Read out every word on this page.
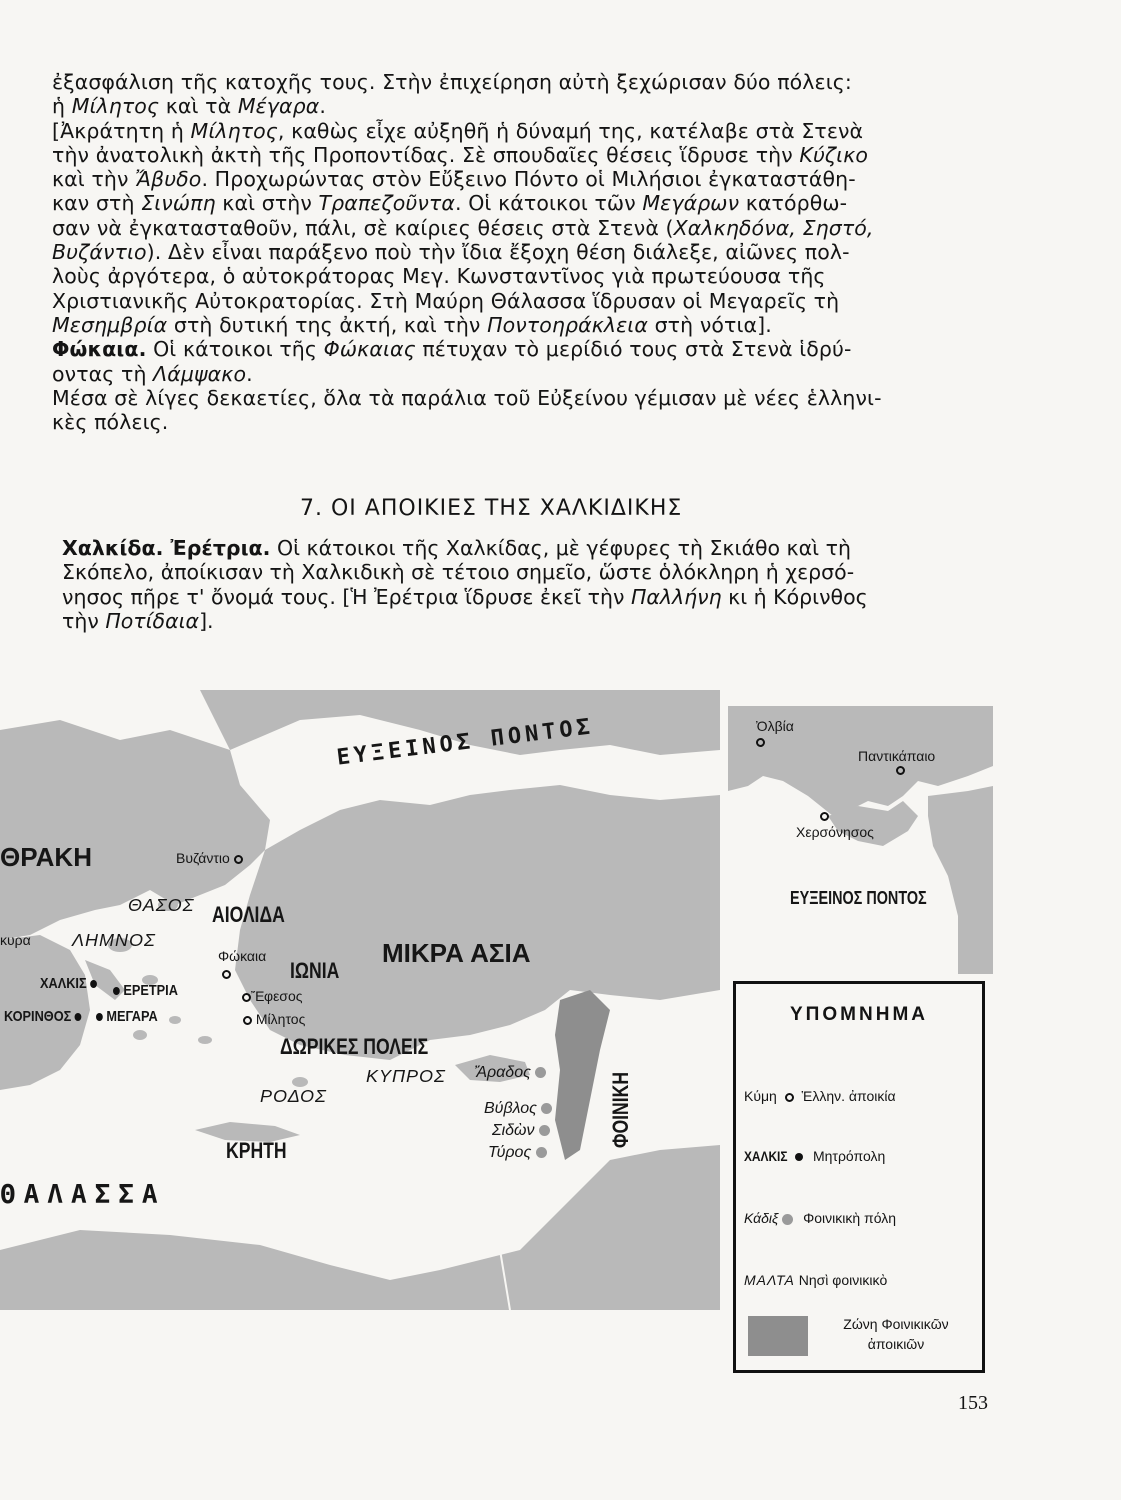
ἐξασφάλιση τῆς κατοχῆς τους. Στὴν ἐπιχείρηση αὐτὴ ξεχώρισαν δύο πόλεις:

ἡ Μίλητος καὶ τὰ Μέγαρα.

[Ἀκράτητη ἡ Μίλητος, καθὼς εἶχε αὐξηθῆ ἡ δύναμή της, κατέλαβε στὰ Στενὰ

τὴν ἀνατολικὴ ἀκτὴ τῆς Προποντίδας. Σὲ σπουδαῖες θέσεις ἵδρυσε τὴν Κύζικο

καὶ τὴν Ἄβυδο. Προχωρώντας στὸν Εὔξεινο Πόντο οἱ Μιλήσιοι ἐγκαταστάθη-

καν στὴ Σινώπη καὶ στὴν Τραπεζοῦντα. Οἱ κάτοικοι τῶν Μεγάρων κατόρθω-

σαν νὰ ἐγκατασταθοῦν, πάλι, σὲ καίριες θέσεις στὰ Στενὰ (Χαλκηδόνα, Σηστό,

Βυζάντιο). Δὲν εἶναι παράξενο ποὺ τὴν ἴδια ἔξοχη θέση διάλεξε, αἰῶνες πολ-

λοὺς ἀργότερα, ὁ αὐτοκράτορας Μεγ. Κωνσταντῖνος γιὰ πρωτεύουσα τῆς

Χριστιανικῆς Αὐτοκρατορίας. Στὴ Μαύρη Θάλασσα ἵδρυσαν οἱ Μεγαρεῖς τὴ

Μεσημβρία στὴ δυτική της ἀκτή, καὶ τὴν Ποντοηράκλεια στὴ νότια].

Φώκαια. Οἱ κάτοικοι τῆς Φώκαιας πέτυχαν τὸ μερίδιό τους στὰ Στενὰ ἱδρύ-

οντας τὴ Λάμψακο.

Μέσα σὲ λίγες δεκαετίες, ὅλα τὰ παράλια τοῦ Εὐξείνου γέμισαν μὲ νέες ἑλληνι-

κὲς πόλεις.

7. ΟΙ ΑΠΟΙΚΙΕΣ ΤΗΣ ΧΑΛΚΙΔΙΚΗΣ

Χαλκίδα. Ἐρέτρια. Οἱ κάτοικοι τῆς Χαλκίδας, μὲ γέφυρες τὴ Σκιάθο καὶ τὴ

Σκόπελο, ἀποίκισαν τὴ Χαλκιδικὴ σὲ τέτοιο σημεῖο, ὥστε ὁλόκληρη ἡ χερσό-

νησος πῆρε τ' ὄνομά τους. [Ἡ Ἐρέτρια ἵδρυσε ἐκεῖ τὴν Παλλήνη κι ἡ Κόρινθος

τὴν Ποτίδαια].

ΕΥΞΕΙΝΟΣ ΠΟΝΤΟΣ
ΘΡΑΚΗ	Βυζάντιο
ΘΑΣΟΣ ΑΙΟΛΙΔΑ
κυρα ΛΗΜΝΟΣ	ΜΙΚΡΑ ΑΣΙΑ
Φώκαια
ΙΩΝΙΑ
ΧΑΛΚΙΣ	ΕΡΕΤΡΙΑ	Ἔφεσος
ΚΟΡΙΝΘΟΣ	ΜΕΓΑΡΑ	Μίλητος
ΔΩΡΙΚΕΣ ΠΟΛΕΙΣ
ΚΥΠΡΟΣ Ἄραδος
ΡΟΔΟΣ
Βύβλος
Σιδὼν
Τύρος
ΦΟΙΝΙΚΗ
ΚΡΗΤΗ
ΘΑΛΑΣΣΑ
Ὀλβία
Παντικάπαιο
Χερσόνησος
ΕΥΞΕΙΝΟΣ ΠΟΝΤΟΣ
ΥΠΟΜΝΗΜΑ
Κύμη Ἑλλην. ἀποικία
ΧΑΛΚΙΣ Μητρόπολη
Κάδιξ Φοινικικὴ πόλη
ΜΑΛΤΑ Νησὶ φοινικικὸ
Ζώνη Φοινικικῶν
ἀποικιῶν
153
